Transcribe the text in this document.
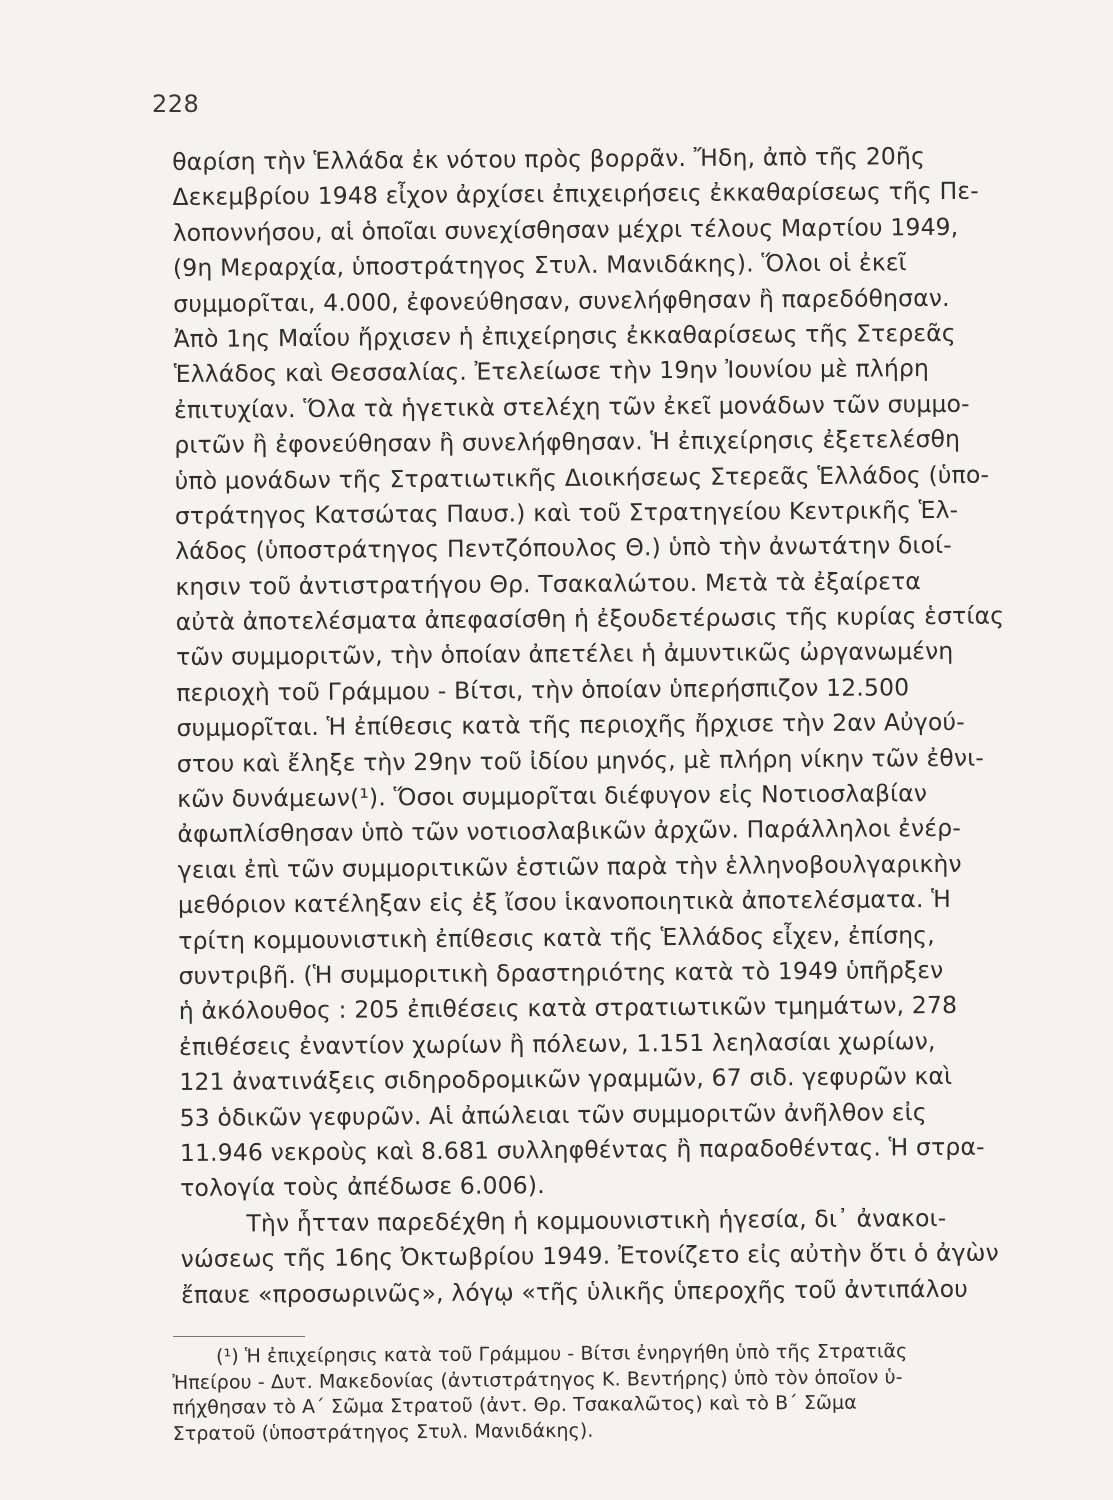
228
θαρίση τὴν Ἑλλάδα ἐκ νότου πρὸς βορρᾶν. Ἤδη, ἀπὸ τῆς 20ῆς
Δεκεμβρίου 1948 εἶχον ἀρχίσει ἐπιχειρήσεις ἐκκαθαρίσεως τῆς Πε-
λοποννήσου, αἱ ὁποῖαι συνεχίσθησαν μέχρι τέλους Μαρτίου 1949,
(9η Μεραρχία, ὑποστράτηγος Στυλ. Μανιδάκης). Ὅλοι οἱ ἐκεῖ
συμμορῖται, 4.000, ἐφονεύθησαν, συνελήφθησαν ἢ παρεδόθησαν.
Ἀπὸ 1ης Μαΐου ἤρχισεν ἡ ἐπιχείρησις ἐκκαθαρίσεως τῆς Στερεᾶς
Ἑλλάδος καὶ Θεσσαλίας. Ἐτελείωσε τὴν 19ην Ἰουνίου μὲ πλήρη
ἐπιτυχίαν. Ὅλα τὰ ἡγετικὰ στελέχη τῶν ἐκεῖ μονάδων τῶν συμμο-
ριτῶν ἢ ἐφονεύθησαν ἢ συνελήφθησαν. Ἡ ἐπιχείρησις ἐξετελέσθη
ὑπὸ μονάδων τῆς Στρατιωτικῆς Διοικήσεως Στερεᾶς Ἑλλάδος (ὑπο-
στράτηγος Κατσώτας Παυσ.) καὶ τοῦ Στρατηγείου Κεντρικῆς Ἑλ-
λάδος (ὑποστράτηγος Πεντζόπουλος Θ.) ὑπὸ τὴν ἀνωτάτην διοί-
κησιν τοῦ ἀντιστρατήγου Θρ. Τσακαλώτου. Μετὰ τὰ ἐξαίρετα
αὐτὰ ἀποτελέσματα ἀπεφασίσθη ἡ ἐξουδετέρωσις τῆς κυρίας ἑστίας
τῶν συμμοριτῶν, τὴν ὁποίαν ἀπετέλει ἡ ἀμυντικῶς ὠργανωμένη
περιοχὴ τοῦ Γράμμου - Βίτσι, τὴν ὁποίαν ὑπερήσπιζον 12.500
συμμορῖται. Ἡ ἐπίθεσις κατὰ τῆς περιοχῆς ἤρχισε τὴν 2αν Αὐγού-
στου καὶ ἔληξε τὴν 29ην τοῦ ἰδίου μηνός, μὲ πλήρη νίκην τῶν ἐθνι-
κῶν δυνάμεων(¹). Ὅσοι συμμορῖται διέφυγον εἰς Νοτιοσλαβίαν
ἀφωπλίσθησαν ὑπὸ τῶν νοτιοσλαβικῶν ἀρχῶν. Παράλληλοι ἐνέρ-
γειαι ἐπὶ τῶν συμμοριτικῶν ἑστιῶν παρὰ τὴν ἑλληνοβουλγαρικὴν
μεθόριον κατέληξαν εἰς ἐξ ἴσου ἱκανοποιητικὰ ἀποτελέσματα. Ἡ
τρίτη κομμουνιστικὴ ἐπίθεσις κατὰ τῆς Ἑλλάδος εἶχεν, ἐπίσης,
συντριβῆ. (Ἡ συμμοριτικὴ δραστηριότης κατὰ τὸ 1949 ὑπῆρξεν
ἡ ἀκόλουθος : 205 ἐπιθέσεις κατὰ στρατιωτικῶν τμημάτων, 278
ἐπιθέσεις ἐναντίον χωρίων ἢ πόλεων, 1.151 λεηλασίαι χωρίων,
121 ἀνατινάξεις σιδηροδρομικῶν γραμμῶν, 67 σιδ. γεφυρῶν καὶ
53 ὁδικῶν γεφυρῶν. Αἱ ἀπώλειαι τῶν συμμοριτῶν ἀνῆλθον εἰς
11.946 νεκροὺς καὶ 8.681 συλληφθέντας ἢ παραδοθέντας. Ἡ στρα-
τολογία τοὺς ἀπέδωσε 6.006).
Τὴν ἧτταν παρεδέχθη ἡ κομμουνιστικὴ ἡγεσία, δι᾽ ἀνακοι-
νώσεως τῆς 16ης Ὀκτωβρίου 1949. Ἐτονίζετο εἰς αὐτὴν ὅτι ὁ ἀγὼν
ἔπαυε «προσωρινῶς», λόγῳ «τῆς ὑλικῆς ὑπεροχῆς τοῦ ἀντιπάλου
(¹) Ἡ ἐπιχείρησις κατὰ τοῦ Γράμμου - Βίτσι ἐνηργήθη ὑπὸ τῆς Στρατιᾶς
Ἠπείρου - Δυτ. Μακεδονίας (ἀντιστράτηγος Κ. Βεντήρης) ὑπὸ τὸν ὁποῖον ὑ-
πήχθησαν τὸ Α΄ Σῶμα Στρατοῦ (ἀντ. Θρ. Τσακαλῶτος) καὶ τὸ Β΄ Σῶμα
Στρατοῦ (ὑποστράτηγος Στυλ. Μανιδάκης).
